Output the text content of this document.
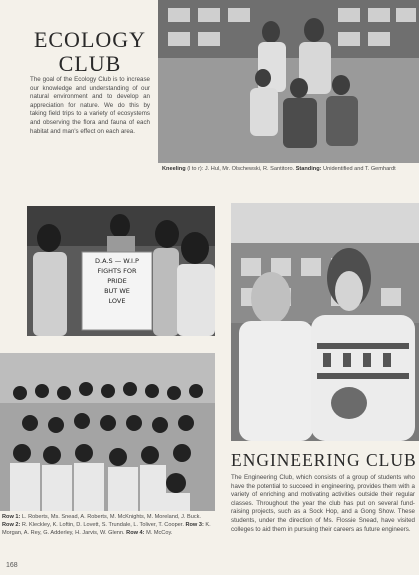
ECOLOGY
CLUB
The goal of the Ecology Club is to increase our knowledge and understanding of our natural environment and to develop an appreciation for nature. We do this by taking field trips to a variety of ecosystems and observing the flora and fauna of each habitat and man's effect on each area.
Kneeling (l to r): J. Hul, Mr. Olschewski, R. Santitoro. Standing: Unidentified and T. Gemhardt
D.A.S — W.I.P
FIGHTS FOR
PRIDE
BUT WE
LOVE
Row 1: L. Roberts, Ms. Snead, A. Roberts, M. McKnights, M. Moreland, J. Buck. Row 2: R. Kleckley, K. Loftin, D. Lovett, S. Trundale, L. Toliver, T. Cooper. Row 3: K. Morgan, A. Rey, G. Adderley, H. Jarvis, W. Glenn. Row 4: M. McCoy.
ENGINEERING CLUB
The Engineering Club, which consists of a group of students who have the potential to succeed in engineering, provides them with a variety of enriching and motivating activities outside their regular classes. Throughout the year the club has put on several fund-raising projects, such as a Sock Hop, and a Gong Show. These students, under the direction of Ms. Flossie Snead, have visited colleges to aid them in pursuing their careers as future engineers.
168
